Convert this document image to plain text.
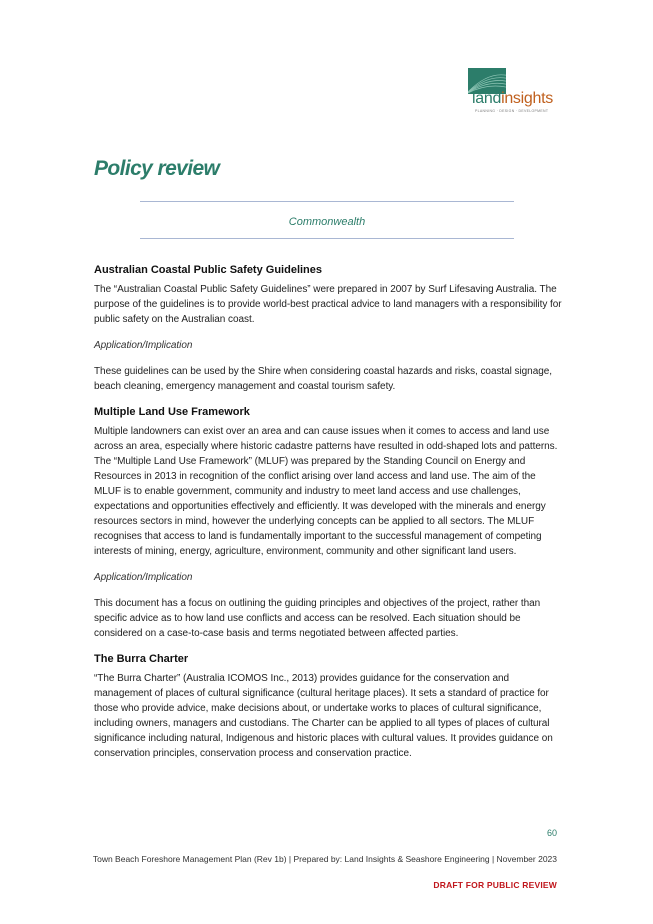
landinsights
PLANNING · DESIGN · DEVELOPMENT
Policy review
Commonwealth
Australian Coastal Public Safety Guidelines

The “Australian Coastal Public Safety Guidelines” were prepared in 2007 by Surf Lifesaving Australia. The purpose of the guidelines is to provide world-best practical advice to land managers with a responsibility for public safety on the Australian coast.

Application/Implication

These guidelines can be used by the Shire when considering coastal hazards and risks, coastal signage, beach cleaning, emergency management and coastal tourism safety.

Multiple Land Use Framework

Multiple landowners can exist over an area and can cause issues when it comes to access and land use across an area, especially where historic cadastre patterns have resulted in odd-shaped lots and patterns. The “Multiple Land Use Framework” (MLUF) was prepared by the Standing Council on Energy and Resources in 2013 in recognition of the conflict arising over land access and land use. The aim of the MLUF is to enable government, community and industry to meet land access and use challenges, expectations and opportunities effectively and efficiently. It was developed with the minerals and energy resources sectors in mind, however the underlying concepts can be applied to all sectors. The MLUF recognises that access to land is fundamentally important to the successful management of competing interests of mining, energy, agriculture, environment, community and other significant land users.

Application/Implication

This document has a focus on outlining the guiding principles and objectives of the project, rather than specific advice as to how land use conflicts and access can be resolved. Each situation should be considered on a case-to-case basis and terms negotiated between affected parties.

The Burra Charter

“The Burra Charter” (Australia ICOMOS Inc., 2013) provides guidance for the conservation and management of places of cultural significance (cultural heritage places). It sets a standard of practice for those who provide advice, make decisions about, or undertake works to places of cultural significance, including owners, managers and custodians. The Charter can be applied to all types of places of cultural significance including natural, Indigenous and historic places with cultural values. It provides guidance on conservation principles, conservation process and conservation practice.

60
Town Beach Foreshore Management Plan (Rev 1b) | Prepared by: Land Insights & Seashore Engineering | November 2023
DRAFT FOR PUBLIC REVIEW
